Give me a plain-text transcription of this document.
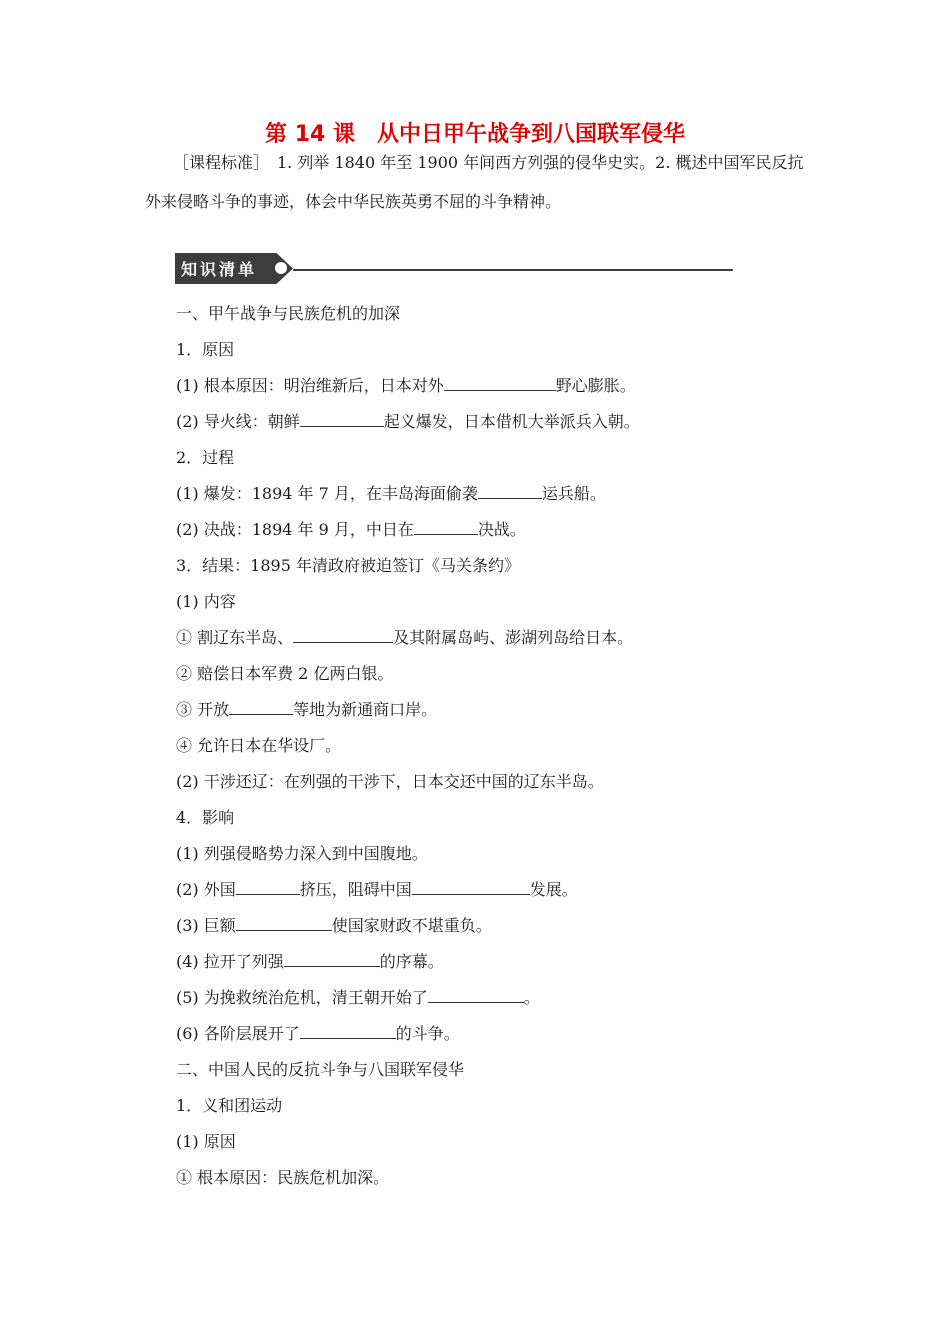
第 14 课　从中日甲午战争到八国联军侵华
［课程标准］　1. 列举 1840 年至 1900 年间西方列强的侵华史实。2. 概述中国军民反抗
外来侵略斗争的事迹，体会中华民族英勇不屈的斗争精神。
知识清单
一、甲午战争与民族危机的加深
1．原因
(1) 根本原因：明治维新后，日本对外	野心膨胀。
(2) 导火线：朝鲜	起义爆发，日本借机大举派兵入朝。
2．过程
(1) 爆发：1894 年 7 月，在丰岛海面偷袭	运兵船。
(2) 决战：1894 年 9 月，中日在	决战。
3．结果：1895 年清政府被迫签订《马关条约》
(1) 内容
① 割辽东半岛、	及其附属岛屿、澎湖列岛给日本。
② 赔偿日本军费 2 亿两白银。
③ 开放	等地为新通商口岸。
④ 允许日本在华设厂。
(2) 干涉还辽：在列强的干涉下，日本交还中国的辽东半岛。
4．影响
(1) 列强侵略势力深入到中国腹地。
(2) 外国	挤压，阻碍中国	发展。
(3) 巨额	使国家财政不堪重负。
(4) 拉开了列强	的序幕。
(5) 为挽救统治危机，清王朝开始了	。
(6) 各阶层展开了	的斗争。
二、中国人民的反抗斗争与八国联军侵华
1．义和团运动
(1) 原因
① 根本原因：民族危机加深。
